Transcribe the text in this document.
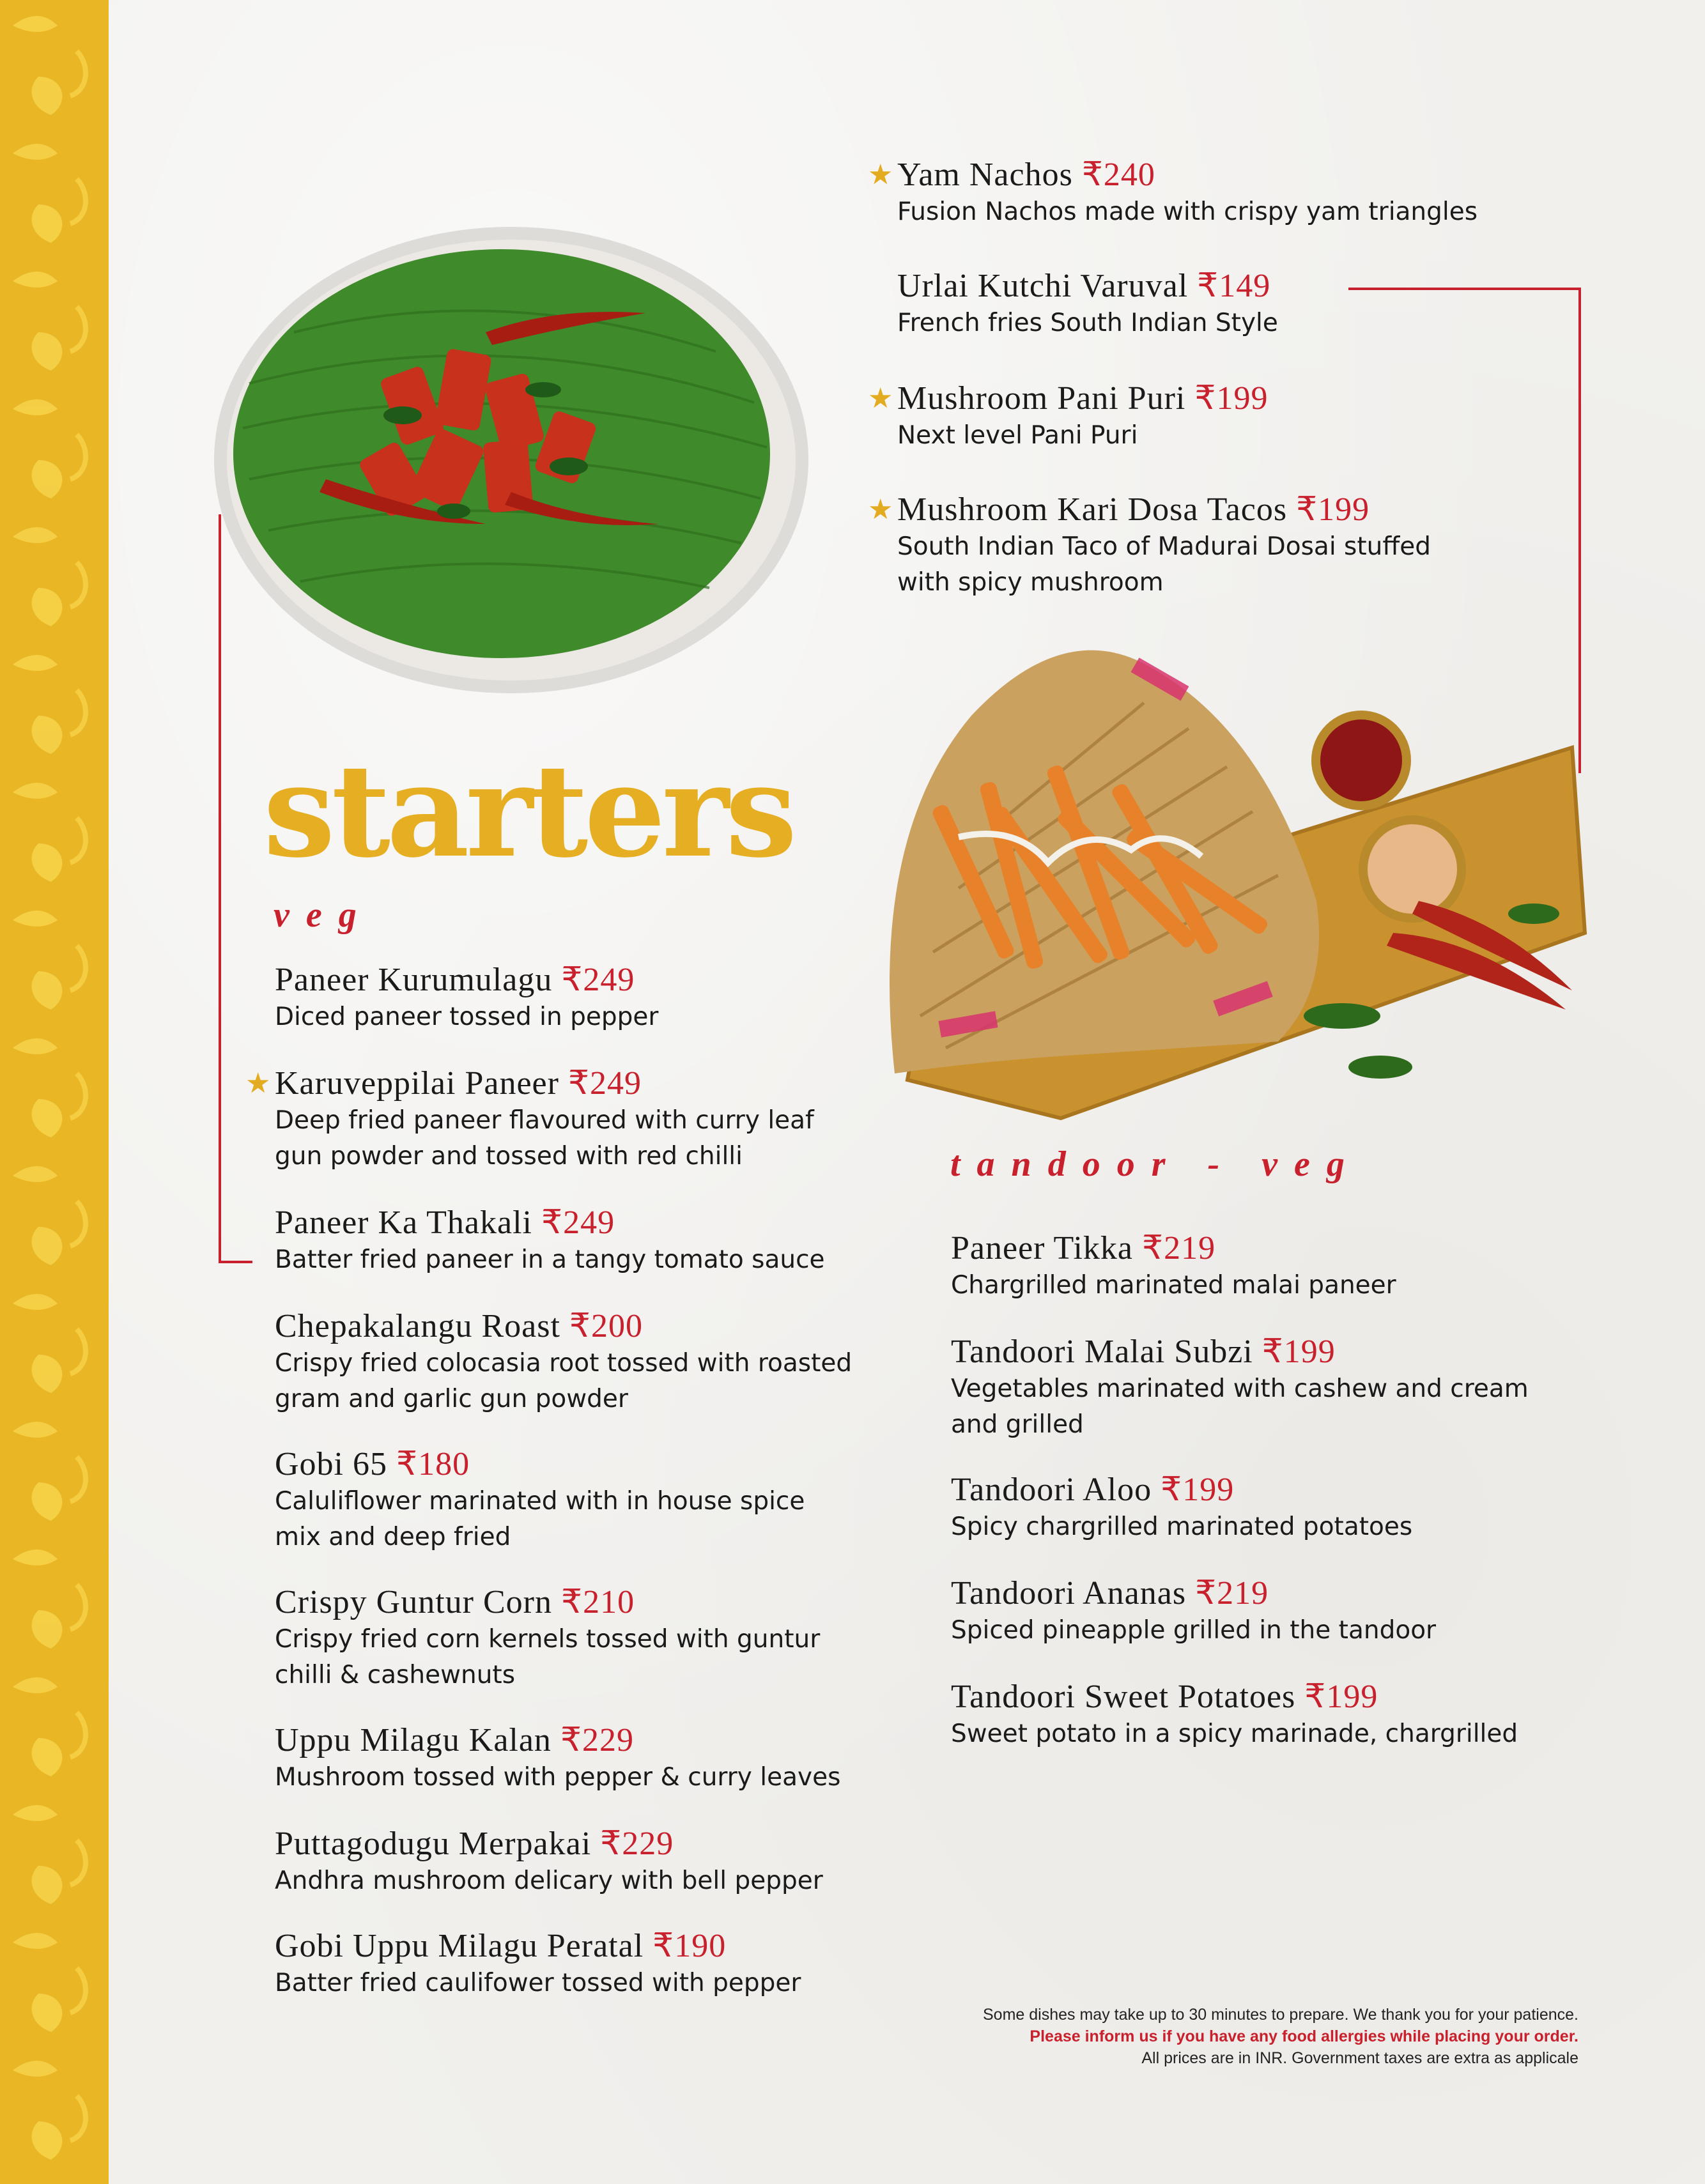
starters
veg
tandoor - veg
★ Yam Nachos ₹240
Fusion Nachos made with crispy yam triangles
Urlai Kutchi Varuval ₹149
French fries South Indian Style
★ Mushroom Pani Puri ₹199
Next level Pani Puri
★ Mushroom Kari Dosa Tacos ₹199
South Indian Taco of Madurai Dosai stuffed
with spicy mushroom
Paneer Kurumulagu ₹249
Diced paneer tossed in pepper
★ Karuveppilai Paneer ₹249
Deep fried paneer flavoured with curry leaf
gun powder and tossed with red chilli
Paneer Ka Thakali ₹249
Batter fried paneer in a tangy tomato sauce
Chepakalangu Roast ₹200
Crispy fried colocasia root tossed with roasted
gram and garlic gun powder
Gobi 65 ₹180
Caluliflower marinated with in house spice
mix and deep fried
Crispy Guntur Corn ₹210
Crispy fried corn kernels tossed with guntur
chilli & cashewnuts
Uppu Milagu Kalan ₹229
Mushroom tossed with pepper & curry leaves
Puttagodugu Merpakai ₹229
Andhra mushroom delicary with bell pepper
Gobi Uppu Milagu Peratal ₹190
Batter fried caulifower tossed with pepper
Paneer Tikka ₹219
Chargrilled marinated malai paneer
Tandoori Malai Subzi ₹199
Vegetables marinated with cashew and cream
and grilled
Tandoori Aloo ₹199
Spicy chargrilled marinated potatoes
Tandoori Ananas ₹219
Spiced pineapple grilled in the tandoor
Tandoori Sweet Potatoes ₹199
Sweet potato in a spicy marinade, chargrilled
Some dishes may take up to 30 minutes to prepare. We thank you for your patience.
Please inform us if you have any food allergies while placing your order.
All prices are in INR. Government taxes are extra as applicale
